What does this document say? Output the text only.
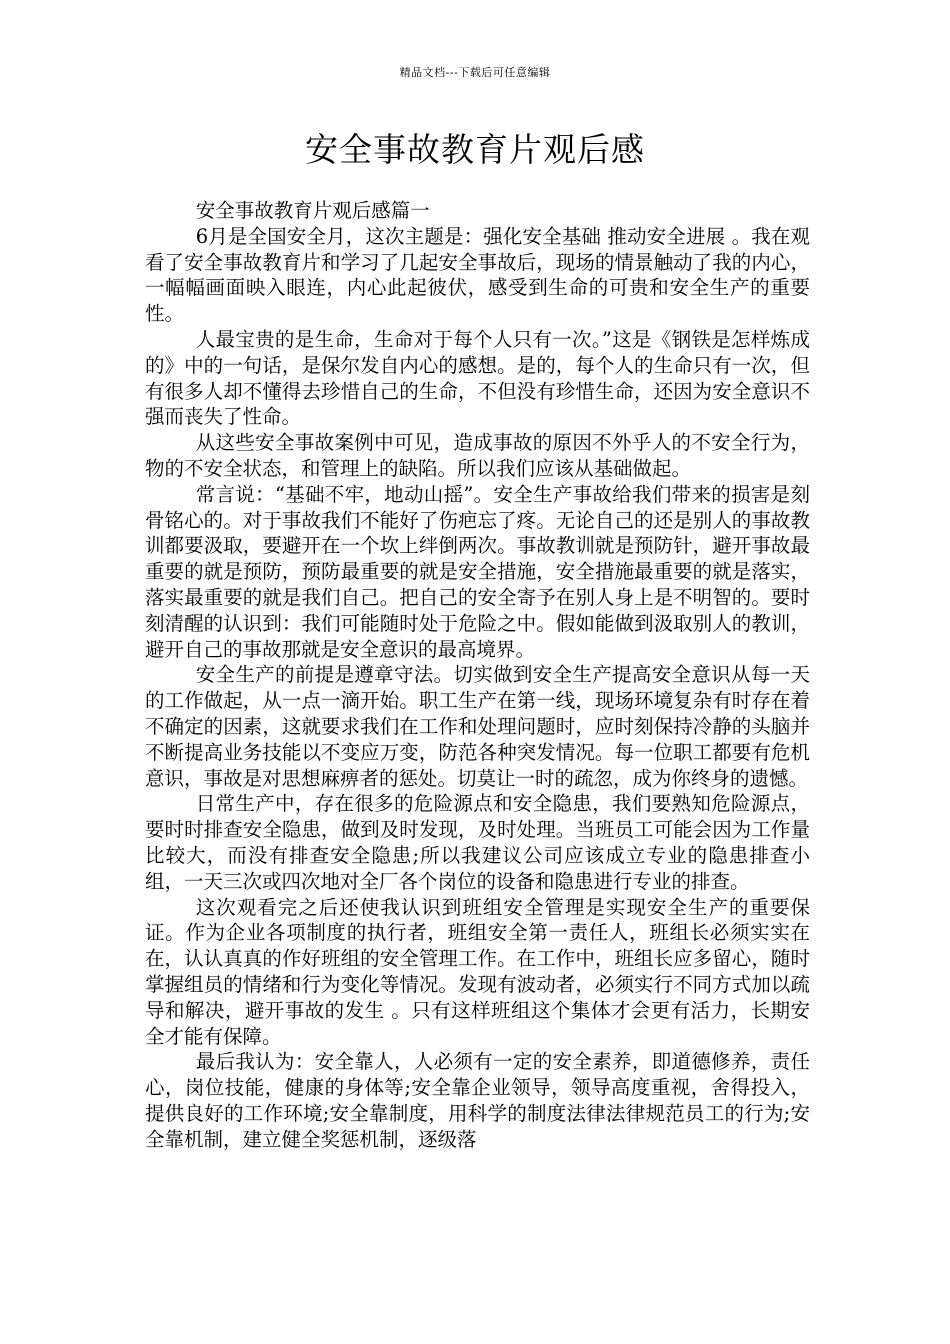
精品文档---下载后可任意编辑
安全事故教育片观后感

安全事故教育片观后感篇一

6月是全国安全月，这次主题是：强化安全基础 推动安全进展 。我在观看了安全事故教育片和学习了几起安全事故后，现场的情景触动了我的内心，一幅幅画面映入眼连，内心此起彼伏，感受到生命的可贵和安全生产的重要性。

人最宝贵的是生命，生命对于每个人只有一次。”这是《钢铁是怎样炼成的》中的一句话，是保尔发自内心的感想。是的，每个人的生命只有一次，但有很多人却不懂得去珍惜自己的生命，不但没有珍惜生命，还因为安全意识不强而丧失了性命。

从这些安全事故案例中可见，造成事故的原因不外乎人的不安全行为，物的不安全状态，和管理上的缺陷。所以我们应该从基础做起。

常言说：“基础不牢，地动山摇”。安全生产事故给我们带来的损害是刻骨铭心的。对于事故我们不能好了伤疤忘了疼。无论自己的还是别人的事故教训都要汲取，要避开在一个坎上绊倒两次。事故教训就是预防针，避开事故最重要的就是预防，预防最重要的就是安全措施，安全措施最重要的就是落实，落实最重要的就是我们自己。把自己的安全寄予在别人身上是不明智的。要时刻清醒的认识到：我们可能随时处于危险之中。假如能做到汲取别人的教训，避开自己的事故那就是安全意识的最高境界。

安全生产的前提是遵章守法。切实做到安全生产提高安全意识从每一天的工作做起，从一点一滴开始。职工生产在第一线，现场环境复杂有时存在着不确定的因素，这就要求我们在工作和处理问题时，应时刻保持冷静的头脑并不断提高业务技能以不变应万变，防范各种突发情况。每一位职工都要有危机意识，事故是对思想麻痹者的惩处。切莫让一时的疏忽，成为你终身的遗憾。

日常生产中，存在很多的危险源点和安全隐患，我们要熟知危险源点，要时时排查安全隐患，做到及时发现，及时处理。当班员工可能会因为工作量比较大，而没有排查安全隐患;所以我建议公司应该成立专业的隐患排查小组，一天三次或四次地对全厂各个岗位的设备和隐患进行专业的排查。

这次观看完之后还使我认识到班组安全管理是实现安全生产的重要保证。作为企业各项制度的执行者，班组安全第一责任人，班组长必须实实在在，认认真真的作好班组的安全管理工作。在工作中，班组长应多留心，随时掌握组员的情绪和行为变化等情况。发现有波动者，必须实行不同方式加以疏导和解决，避开事故的发生 。只有这样班组这个集体才会更有活力，长期安全才能有保障。

最后我认为：安全靠人，人必须有一定的安全素养，即道德修养，责任心，岗位技能，健康的身体等;安全靠企业领导，领导高度重视，舍得投入，提供良好的工作环境;安全靠制度，用科学的制度法律法律规范员工的行为;安全靠机制，建立健全奖惩机制，逐级落
